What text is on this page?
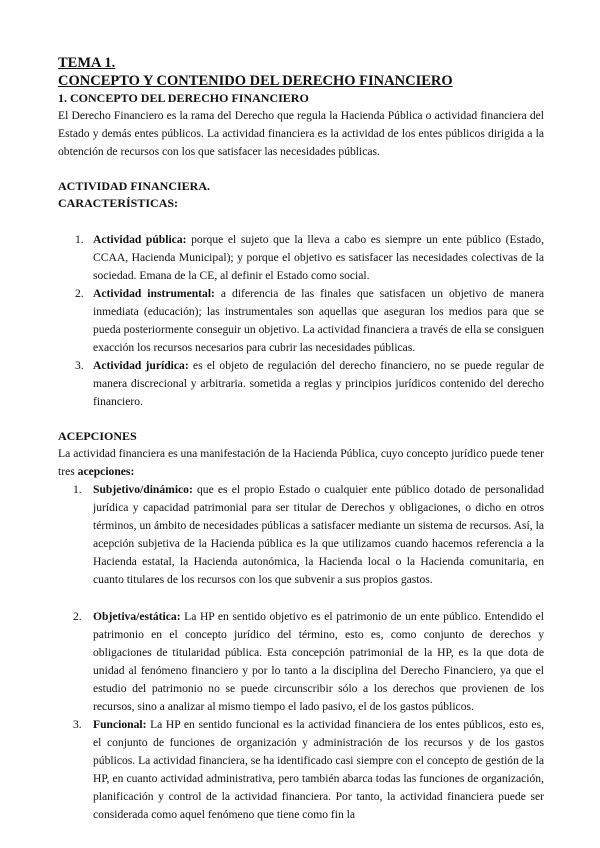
TEMA 1.
CONCEPTO Y CONTENIDO DEL DERECHO FINANCIERO
1. CONCEPTO DEL DERECHO FINANCIERO

El Derecho Financiero es la rama del Derecho que regula la Hacienda Pública o actividad financiera del Estado y demás entes públicos. La actividad financiera es la actividad de los entes públicos dirigida a la obtención de recursos con los que satisfacer las necesidades públicas.

ACTIVIDAD FINANCIERA.
CARACTERÍSTICAS:
1. Actividad pública: porque el sujeto que la lleva a cabo es siempre un ente público (Estado, CCAA, Hacienda Municipal); y porque el objetivo es satisfacer las necesidades colectivas de la sociedad. Emana de la CE, al definir el Estado como social.
2. Actividad instrumental: a diferencia de las finales que satisfacen un objetivo de manera inmediata (educación); las instrumentales son aquellas que aseguran los medios para que se pueda posteriormente conseguir un objetivo. La actividad financiera a través de ella se consiguen exacción los recursos necesarios para cubrir las necesidades públicas.
3. Actividad jurídica: es el objeto de regulación del derecho financiero, no se puede regular de manera discrecional y arbitraria. sometida a reglas y principios jurídicos contenido del derecho financiero.
ACEPCIONES

La actividad financiera es una manifestación de la Hacienda Pública, cuyo concepto jurídico puede tener tres acepciones:

1. Subjetivo/dinámico: que es el propio Estado o cualquier ente público dotado de personalidad jurídica y capacidad patrimonial para ser titular de Derechos y obligaciones, o dicho en otros términos, un ámbito de necesidades públicas a satisfacer mediante un sistema de recursos. Así, la acepción subjetiva de la Hacienda pública es la que utilizamos cuando hacemos referencia a la Hacienda estatal, la Hacienda autonómica, la Hacienda local o la Hacienda comunitaria, en cuanto titulares de los recursos con los que subvenir a sus propios gastos.
2. Objetiva/estática: La HP en sentido objetivo es el patrimonio de un ente público. Entendido el patrimonio en el concepto jurídico del término, esto es, como conjunto de derechos y obligaciones de titularidad pública. Esta concepción patrimonial de la HP, es la que dota de unidad al fenómeno financiero y por lo tanto a la disciplina del Derecho Financiero, ya que el estudio del patrimonio no se puede circunscribir sólo a los derechos que provienen de los recursos, sino a analizar al mismo tiempo el lado pasivo, el de los gastos públicos.
3. Funcional: La HP en sentido funcional es la actividad financiera de los entes públicos, esto es, el conjunto de funciones de organización y administración de los recursos y de los gastos públicos. La actividad financiera, se ha identificado casi siempre con el concepto de gestión de la HP, en cuanto actividad administrativa, pero también abarca todas las funciones de organización, planificación y control de la actividad financiera. Por tanto, la actividad financiera puede ser considerada como aquel fenómeno que tiene como fin la
